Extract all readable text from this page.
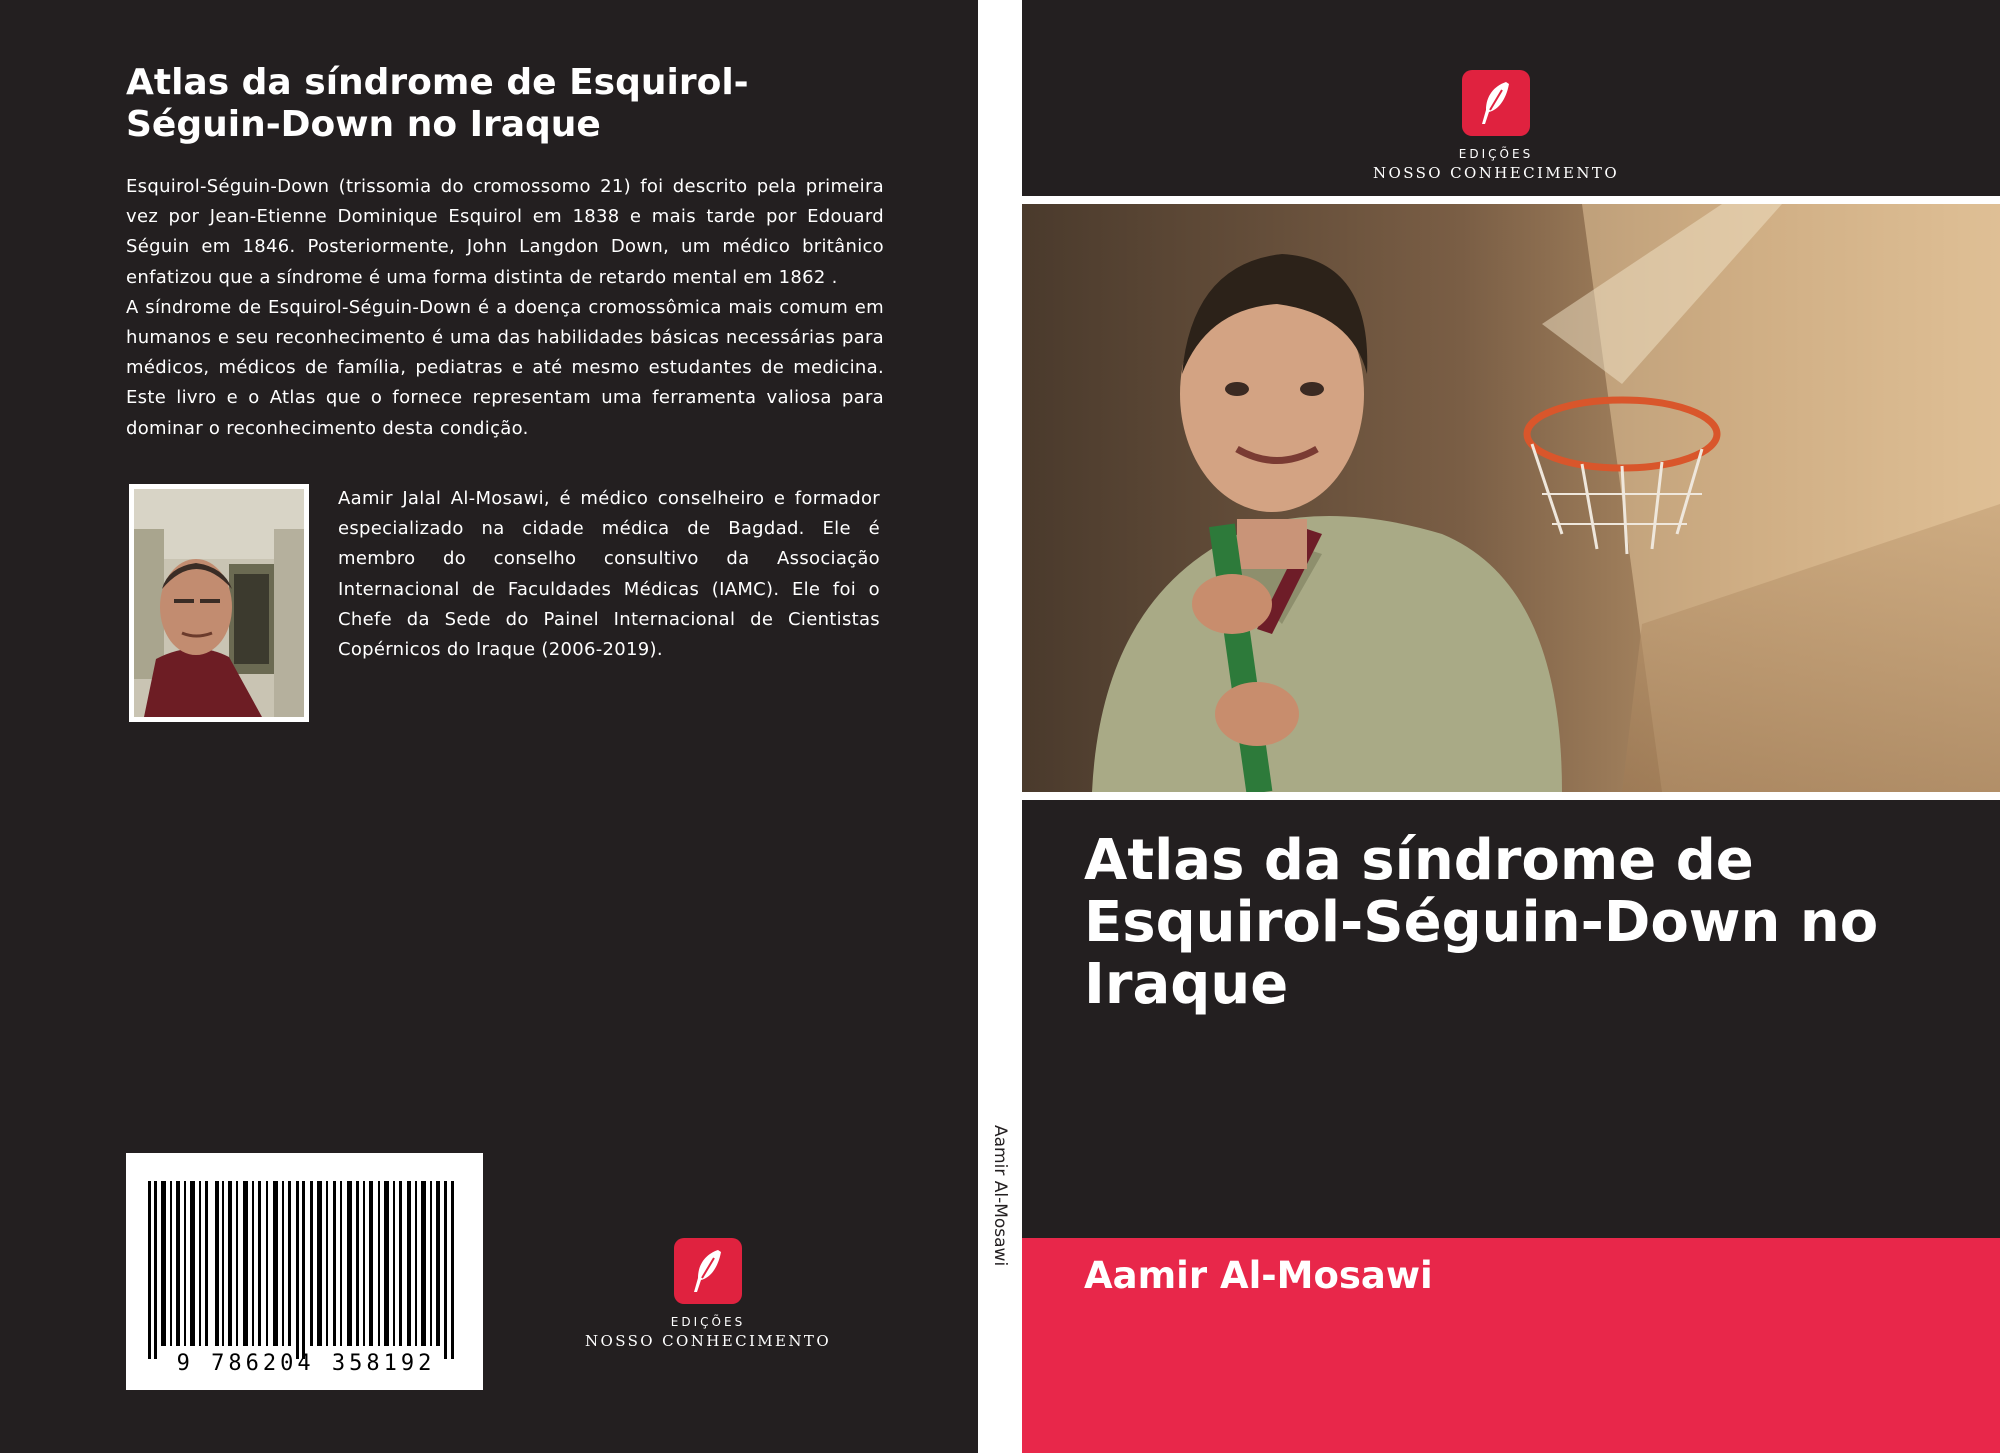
Atlas da síndrome de Esquirol-Séguin-Down no Iraque

Esquirol-Séguin-Down (trissomia do cromossomo 21) foi descrito pela primeira vez por Jean-Etienne Dominique Esquirol em 1838 e mais tarde por Edouard Séguin em 1846. Posteriormente, John Langdon Down, um médico britânico enfatizou que a síndrome é uma forma distinta de retardo mental em 1862 .

A síndrome de Esquirol-Séguin-Down é a doença cromossômica mais comum em humanos e seu reconhecimento é uma das habilidades básicas necessárias para médicos, médicos de família, pediatras e até mesmo estudantes de medicina. Este livro e o Atlas que o fornece representam uma ferramenta valiosa para dominar o reconhecimento desta condição.

Aamir Jalal Al-Mosawi, é médico conselheiro e formador especializado na cidade médica de Bagdad. Ele é membro do conselho consultivo da Associação Internacional de Faculdades Médicas (IAMC). Ele foi o Chefe da Sede do Painel Internacional de Cientistas Copérnicos do Iraque (2006-2019).

9 786204 358192
EDIÇÕES
NOSSO CONHECIMENTO
Aamir Al-Mosawi
EDIÇÕES
NOSSO CONHECIMENTO
Atlas da síndrome de Esquirol-Séguin-Down no Iraque

Aamir Al-Mosawi
